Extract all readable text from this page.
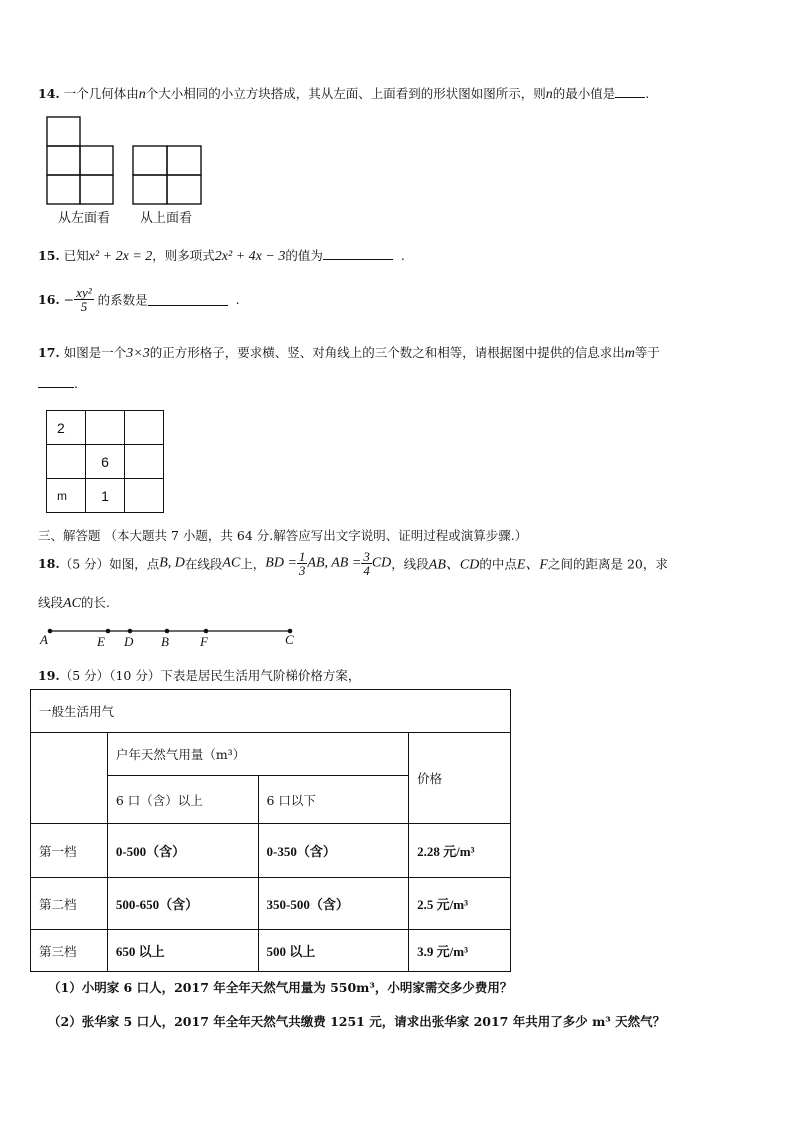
14. 一个几何体由n个大小相同的小立方块搭成，其从左面、上面看到的形状图如图所示，则n的最小值是 .
从左面看 从上面看
15. 已知x² + 2x = 2，则多项式2x² + 4x − 3的值为	.
16. − $\frac{\text{xy²}}{5}$ 的系数是	.
17. 如图是一个3×3的正方形格子，要求横、竖、对角线上的三个数之和相等，请根据图中提供的信息求出m等于
.
2		
	6	
m	1	
三、解答题 （本大题共 7 小题，共 64 分.解答应写出文字说明、证明过程或演算步骤.）
18.（5 分）如图，点B, D在线段AC上，BD = $\frac{1}{3}$ AB, AB = $\frac{3}{4}$ CD，线段AB、CD的中点E、F之间的距离是 20，求
线段AC的长.
A	E D B F	C
19.（5 分）（10 分）下表是居民生活用气阶梯价格方案，
一般生活用气			
	户年天然气用量（m³）		价格
	6 口（含）以上	6 口以下	
第一档	0-500（含）	0-350（含）	2.28 元/m³
第二档	500-650（含）	350-500（含）	2.5 元/m³
第三档	650 以上	500 以上	3.9 元/m³
（1）小明家 6 口人，2017 年全年天然气用量为 550m³，小明家需交多少费用？
（2）张华家 5 口人，2017 年全年天然气共缴费 1251 元，请求出张华家 2017 年共用了多少 m³ 天然气？
